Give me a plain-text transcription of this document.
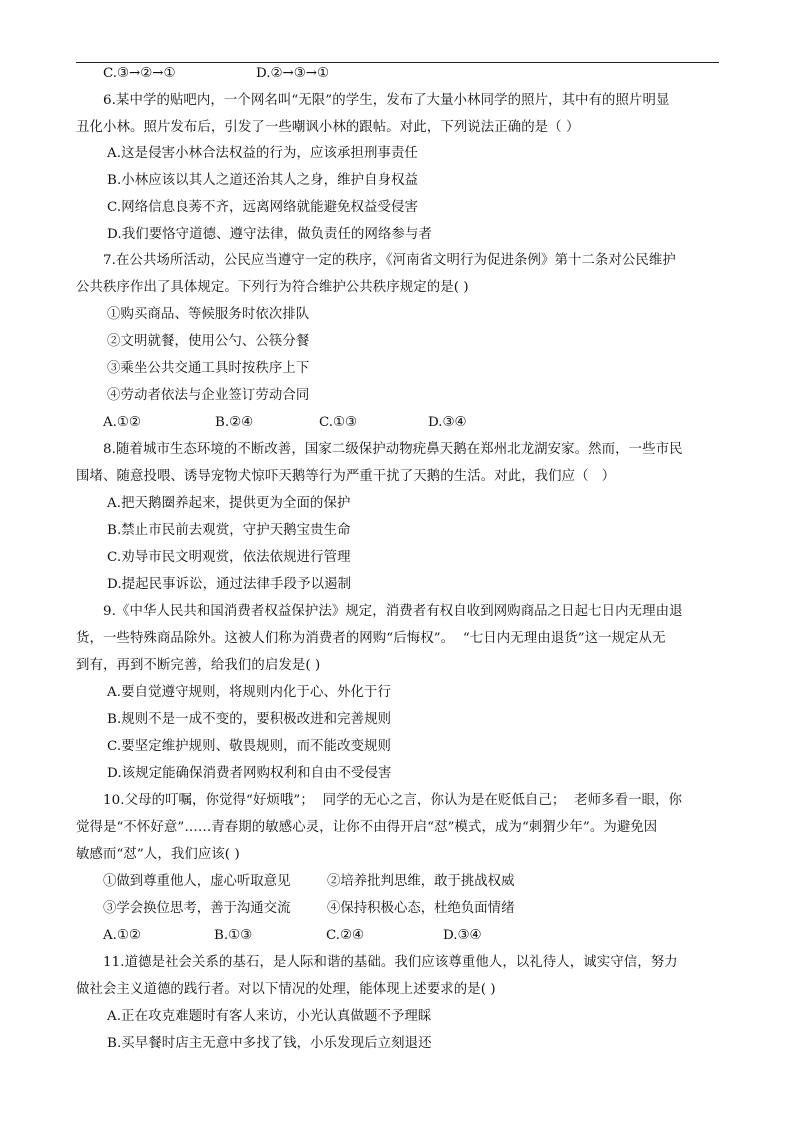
C.③→②→①

	D.②→③→①

6.某中学的贴吧内，一个网名叫“无限”的学生，发布了大量小林同学的照片，其中有的照片明显
丑化小林。照片发布后，引发了一些嘲讽小林的跟帖。对此，下列说法正确的是（ ）
A.这是侵害小林合法权益的行为，应该承担刑事责任
B.小林应该以其人之道还治其人之身，维护自身权益
C.网络信息良莠不齐，远离网络就能避免权益受侵害
D.我们要恪守道德、遵守法律，做负责任的网络参与者
7.在公共场所活动，公民应当遵守一定的秩序，《河南省文明行为促进条例》第十二条对公民维护
公共秩序作出了具体规定。下列行为符合维护公共秩序规定的是( )
①购买商品、等候服务时依次排队
②文明就餐，使用公勺、公筷分餐
③乘坐公共交通工具时按秩序上下
④劳动者依法与企业签订劳动合同

A.①②

	B.②④

	C.①③

	D.③④

8.随着城市生态环境的不断改善，国家二级保护动物疣鼻天鹅在郑州北龙湖安家。然而，一些市民
围堵、随意投喂、诱导宠物犬惊吓天鹅等行为严重干扰了天鹅的生活。对此，我们应（   ）
A.把天鹅圈养起来，提供更为全面的保护
B.禁止市民前去观赏，守护天鹅宝贵生命
C.劝导市民文明观赏，依法依规进行管理
D.提起民事诉讼，通过法律手段予以遏制
9.《中华人民共和国消费者权益保护法》规定，消费者有权自收到网购商品之日起七日内无理由退
货，一些特殊商品除外。这被人们称为消费者的网购“后悔权”。  “七日内无理由退货”这一规定从无
到有，再到不断完善，给我们的启发是( )
A.要自觉遵守规则，将规则内化于心、外化于行
B.规则不是一成不变的，要积极改进和完善规则
C.要坚定维护规则、敬畏规则，而不能改变规则
D.该规定能确保消费者网购权利和自由不受侵害
10.父母的叮嘱，你觉得“好烦哦”；  同学的无心之言，你认为是在贬低自己；  老师多看一眼，你
觉得是“不怀好意”……青春期的敏感心灵，让你不由得开启“怼”模式，成为“刺猬少年”。为避免因
敏感而“怼”人，我们应该( )

①做到尊重他人，虚心听取意见

	②培养批判思维，敢于挑战权威

③学会换位思考，善于沟通交流

	④保持积极心态，杜绝负面情绪

A.①②

	B.①③

	C.②④

	D.③④

11.道德是社会关系的基石，是人际和谐的基础。我们应该尊重他人，以礼待人，诚实守信，努力
做社会主义道德的践行者。对以下情况的处理，能体现上述要求的是( )
A.正在攻克难题时有客人来访，小光认真做题不予理睬
B.买早餐时店主无意中多找了钱，小乐发现后立刻退还
